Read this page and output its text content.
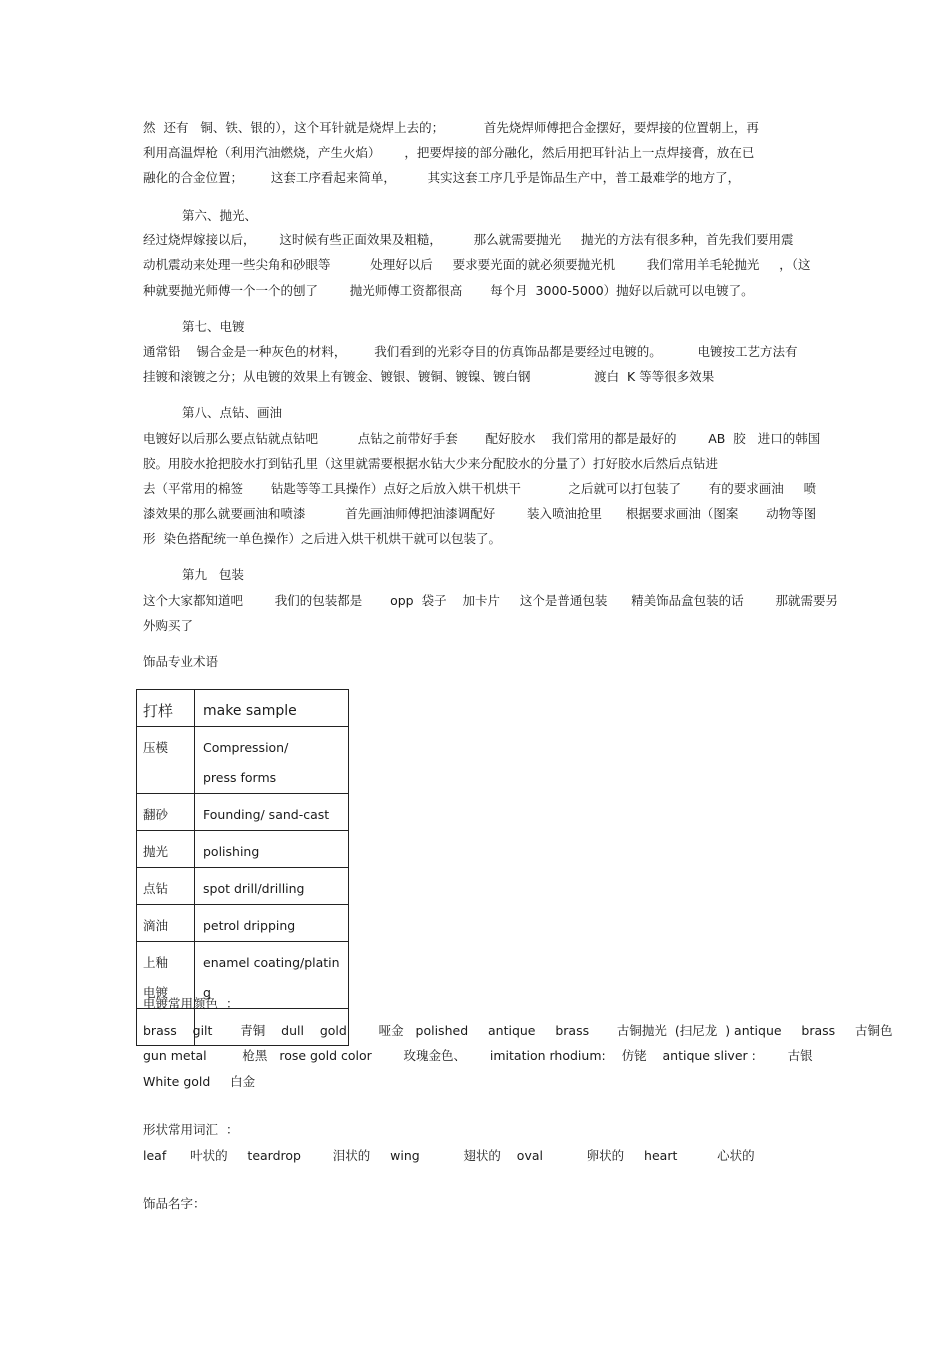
然  还有   铜、铁、银的），这个耳针就是烧焊上去的；          首先烧焊师傅把合金摆好，要焊接的位置朝上，再
利用高温焊枪（利用汽油燃烧，产生火焰）      ，把要焊接的部分融化，然后用把耳针沾上一点焊接膏，放在已
融化的合金位置；       这套工序看起来简单，        其实这套工序几乎是饰品生产中，普工最难学的地方了，
第六、抛光、
经过烧焊嫁接以后，      这时候有些正面效果及粗糙，        那么就需要抛光     抛光的方法有很多种，首先我们要用震
动机震动来处理一些尖角和砂眼等          处理好以后     要求要光面的就必须要抛光机        我们常用羊毛轮抛光     ，（这
种就要抛光师傅一个一个的刨了        抛光师傅工资都很高       每个月  3000-5000）抛好以后就可以电镀了。
第七、电镀
通常铅    锡合金是一种灰色的材料，       我们看到的光彩夺目的仿真饰品都是要经过电镀的。         电镀按工艺方法有
挂镀和滚镀之分；从电镀的效果上有镀金、镀银、镀铜、镀镍、镀白钢                渡白  K 等等很多效果
第八、点钻、画油
电镀好以后那么要点钻就点钻吧          点钻之前带好手套       配好胶水    我们常用的都是最好的        AB  胶   进口的韩国
胶。用胶水抢把胶水打到钻孔里（这里就需要根据水钻大少来分配胶水的分量了）打好胶水后然后点钻进
去（平常用的棉签       钻匙等等工具操作）点好之后放入烘干机烘干            之后就可以打包装了       有的要求画油     喷
漆效果的那么就要画油和喷漆          首先画油师傅把油漆调配好        装入喷油抢里      根据要求画油（图案       动物等图
形  染色搭配统一单色操作）之后进入烘干机烘干就可以包装了。
第九   包装
这个大家都知道吧        我们的包装都是       opp  袋子    加卡片     这个是普通包装      精美饰品盒包装的话        那就需要另
外购买了
饰品专业术语
打样	make sample

压模	Compression/
press forms

翻砂	Founding/ sand-cast

抛光	polishing

点钻	spot drill/drilling

滴油	petrol dripping

上釉
电镀	enamel coating/platin
g

电镀常用颜色  ：
brass    gilt       青铜    dull    gold        哑金   polished     antique     brass       古铜抛光  (扫尼龙  ) antique     brass     古铜色
gun metal         枪黑   rose gold color        玫瑰金色、      imitation rhodium:    仿铑    antique sliver :        古银
White gold     白金
形状常用词汇  ：
leaf      叶状的     teardrop        泪状的     wing           翅状的    oval           卵状的     heart          心状的
饰品名字：
